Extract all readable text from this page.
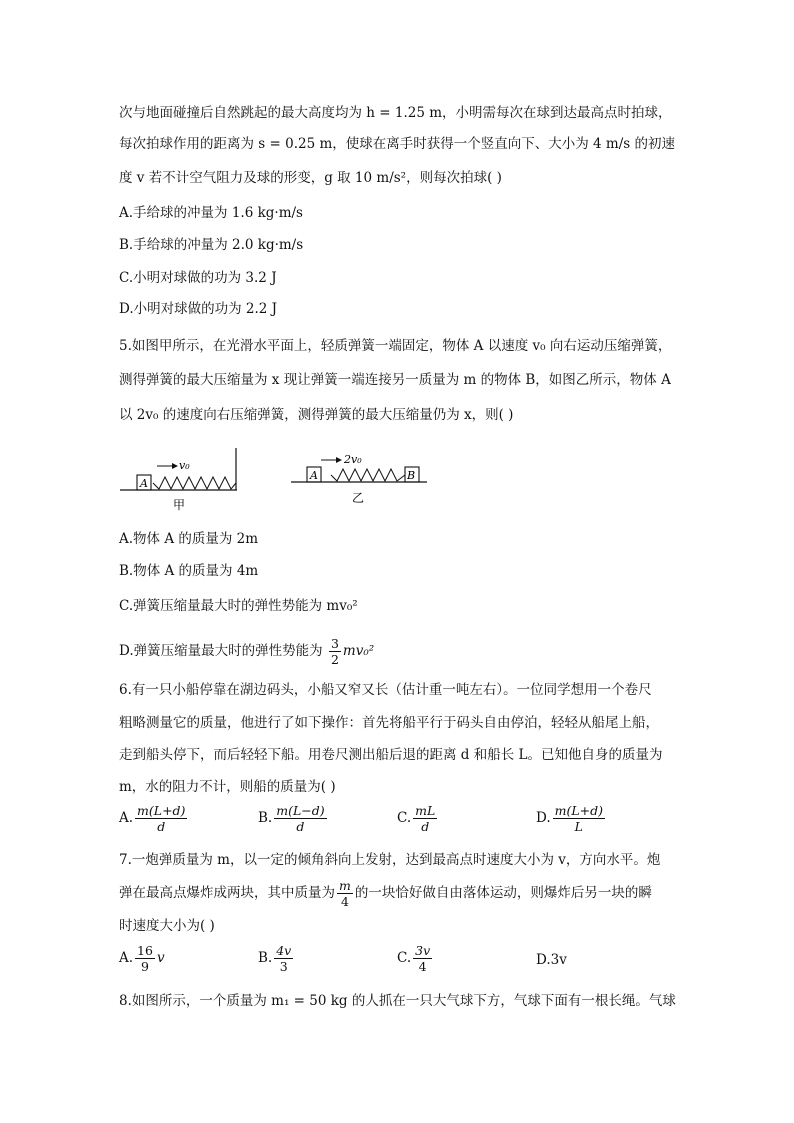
次与地面碰撞后自然跳起的最大高度均为 h = 1.25 m，小明需每次在球到达最高点时拍球，
每次拍球作用的距离为 s = 0.25 m，使球在离手时获得一个竖直向下、大小为 4 m/s 的初速
度 v 若不计空气阻力及球的形变，g 取 10 m/s²，则每次拍球( )
A.手给球的冲量为 1.6 kg·m/s
B.手给球的冲量为 2.0 kg·m/s
C.小明对球做的功为 3.2 J
D.小明对球做的功为 2.2 J
5.如图甲所示，在光滑水平面上，轻质弹簧一端固定，物体 A 以速度 v₀ 向右运动压缩弹簧，
测得弹簧的最大压缩量为 x 现让弹簧一端连接另一质量为 m 的物体 B，如图乙所示，物体 A
以 2v₀ 的速度向右压缩弹簧，测得弹簧的最大压缩量仍为 x，则( )
A
v₀
甲
A	B
2v₀
乙
A.物体 A 的质量为 2m
B.物体 A 的质量为 4m
C.弹簧压缩量最大时的弹性势能为 mv₀²
D.弹簧压缩量最大时的弹性势能为 $\frac{3}{2} mv_0^2$
6.有一只小船停靠在湖边码头，小船又窄又长（估计重一吨左右）。一位同学想用一个卷尺
粗略测量它的质量，他进行了如下操作：首先将船平行于码头自由停泊，轻轻从船尾上船，
走到船头停下，而后轻轻下船。用卷尺测出船后退的距离 d 和船长 L。已知他自身的质量为
m，水的阻力不计，则船的质量为( )
A. $\frac{m(L+d)}{d}$	B. $\frac{m(L-d)}{d}$	C. $\frac{mL}{d}$	D. $\frac{m(L+d)}{L}$
7.一炮弹质量为 m，以一定的倾角斜向上发射，达到最高点时速度大小为 v，方向水平。炮
弹在最高点爆炸成两块，其中质量为 $\frac{m}{4}$ 的一块恰好做自由落体运动，则爆炸后另一块的瞬
时速度大小为( )
A. $\frac{16}{9}$ v	B. $\frac{4v}{3}$	C. $\frac{3v}{4}$	D.3v
8.如图所示，一个质量为 m₁ = 50 kg 的人抓在一只大气球下方，气球下面有一根长绳。气球
